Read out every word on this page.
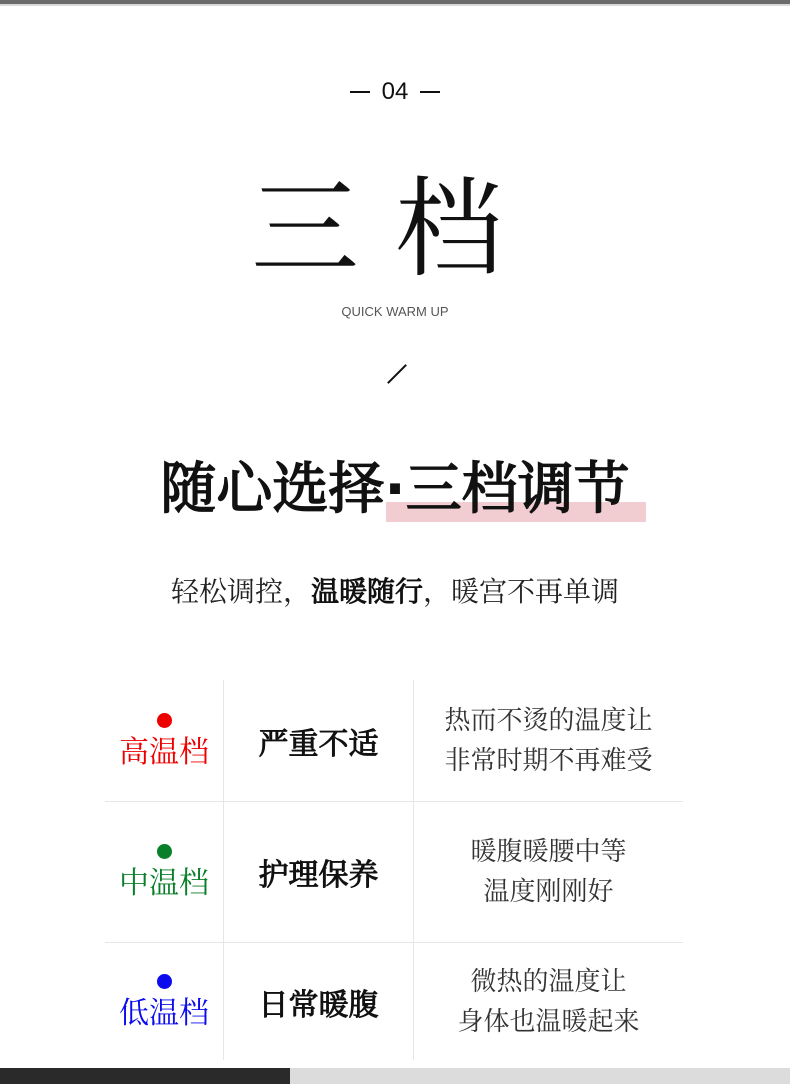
04
三档
QUICK WARM UP
随心选择·三档调节
轻松调控，温暖随行，暖宫不再单调
高温档 严重不适
热而不烫的温度让
非常时期不再难受
中温档 护理保养
暖腹暖腰中等
温度刚刚好
低温档 日常暖腹
微热的温度让
身体也温暖起来
